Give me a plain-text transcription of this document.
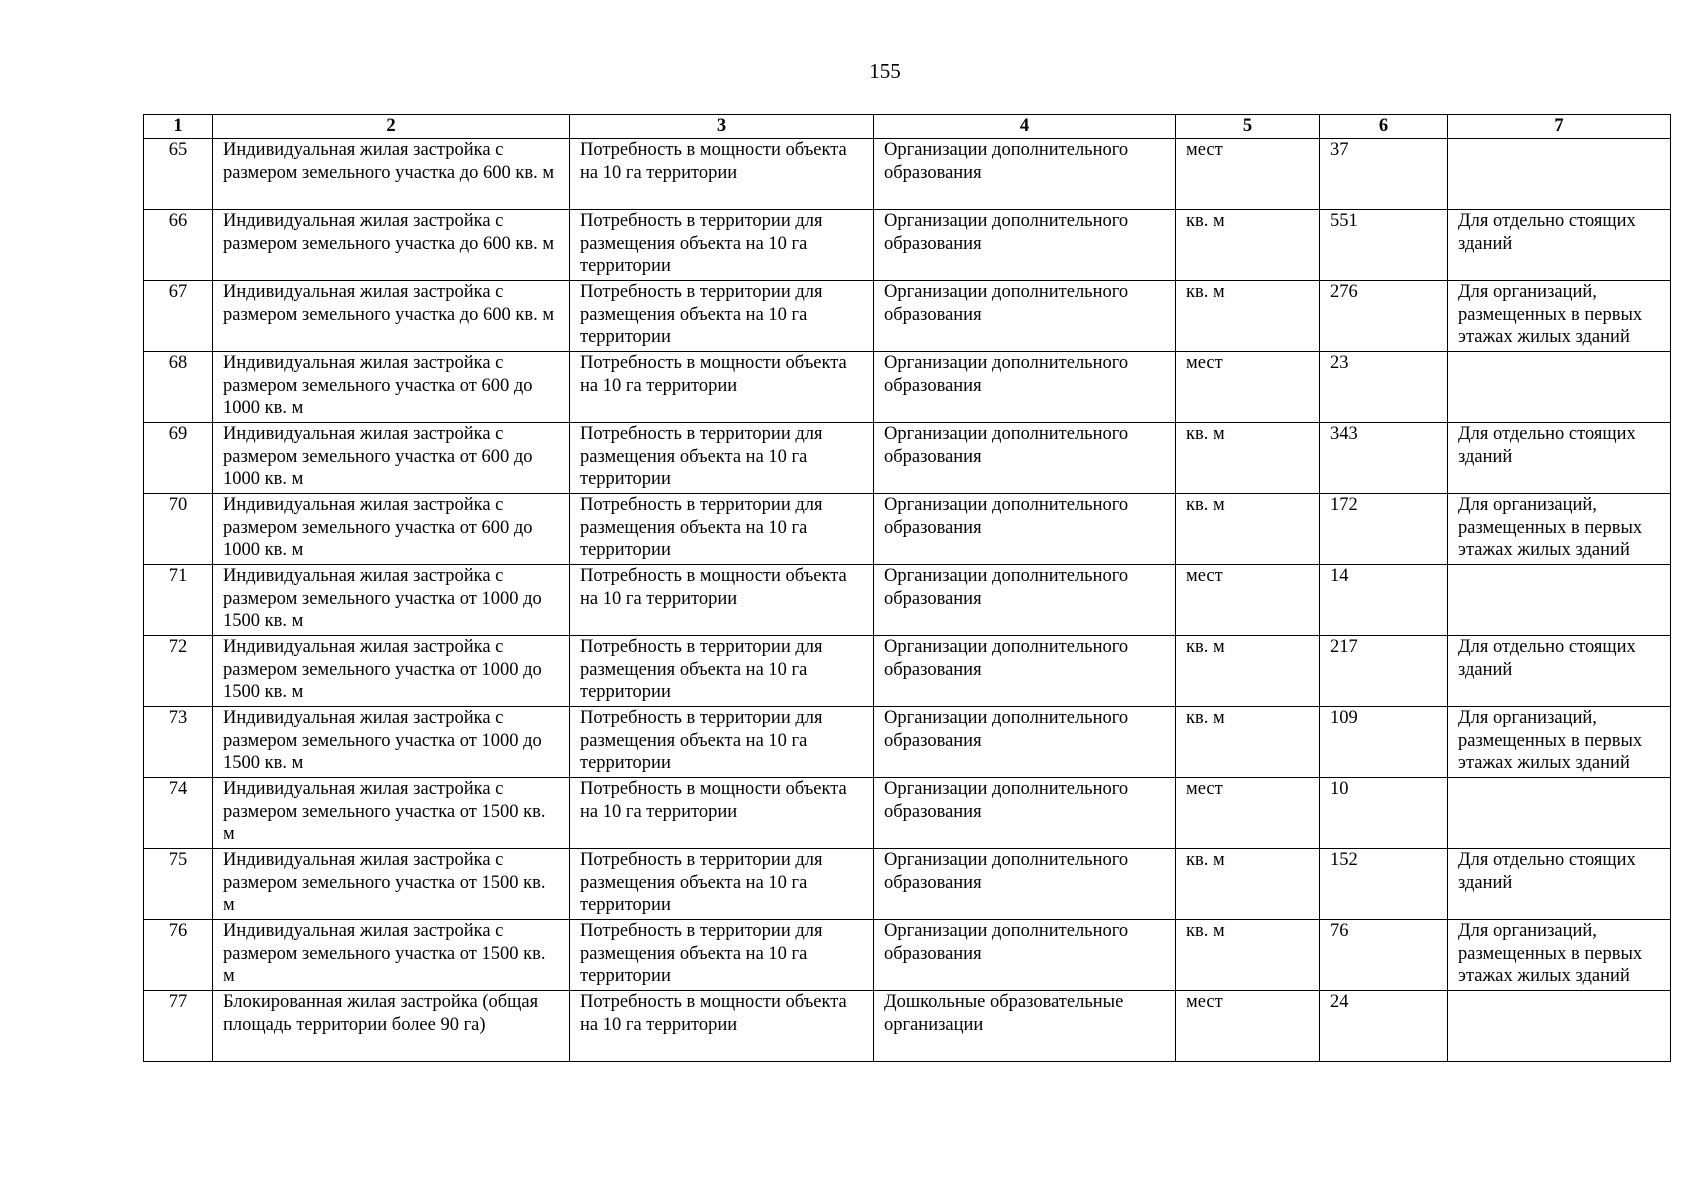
155
1	2	3	4	5	6	7
65	Индивидуальная жилая застройка с размером земельного участка до 600 кв. м	Потребность в мощности объекта на 10 га территории	Организации дополнительного образования	мест	37	
66	Индивидуальная жилая застройка с размером земельного участка до 600 кв. м	Потребность в территории для размещения объекта на 10 га территории	Организации дополнительного образования	кв. м	551	Для отдельно стоящих зданий
67	Индивидуальная жилая застройка с размером земельного участка до 600 кв. м	Потребность в территории для размещения объекта на 10 га территории	Организации дополнительного образования	кв. м	276	Для организаций, размещенных в первых этажах жилых зданий
68	Индивидуальная жилая застройка с размером земельного участка от 600 до 1000 кв. м	Потребность в мощности объекта на 10 га территории	Организации дополнительного образования	мест	23	
69	Индивидуальная жилая застройка с размером земельного участка от 600 до 1000 кв. м	Потребность в территории для размещения объекта на 10 га территории	Организации дополнительного образования	кв. м	343	Для отдельно стоящих зданий
70	Индивидуальная жилая застройка с размером земельного участка от 600 до 1000 кв. м	Потребность в территории для размещения объекта на 10 га территории	Организации дополнительного образования	кв. м	172	Для организаций, размещенных в первых этажах жилых зданий
71	Индивидуальная жилая застройка с размером земельного участка от 1000 до 1500 кв. м	Потребность в мощности объекта на 10 га территории	Организации дополнительного образования	мест	14	
72	Индивидуальная жилая застройка с размером земельного участка от 1000 до 1500 кв. м	Потребность в территории для размещения объекта на 10 га территории	Организации дополнительного образования	кв. м	217	Для отдельно стоящих зданий
73	Индивидуальная жилая застройка с размером земельного участка от 1000 до 1500 кв. м	Потребность в территории для размещения объекта на 10 га территории	Организации дополнительного образования	кв. м	109	Для организаций, размещенных в первых этажах жилых зданий
74	Индивидуальная жилая застройка с размером земельного участка от 1500 кв. м	Потребность в мощности объекта на 10 га территории	Организации дополнительного образования	мест	10	
75	Индивидуальная жилая застройка с размером земельного участка от 1500 кв. м	Потребность в территории для размещения объекта на 10 га территории	Организации дополнительного образования	кв. м	152	Для отдельно стоящих зданий
76	Индивидуальная жилая застройка с размером земельного участка от 1500 кв. м	Потребность в территории для размещения объекта на 10 га территории	Организации дополнительного образования	кв. м	76	Для организаций, размещенных в первых этажах жилых зданий
77	Блокированная жилая застройка (общая площадь территории более 90 га)	Потребность в мощности объекта на 10 га территории	Дошкольные образовательные организации	мест	24	
